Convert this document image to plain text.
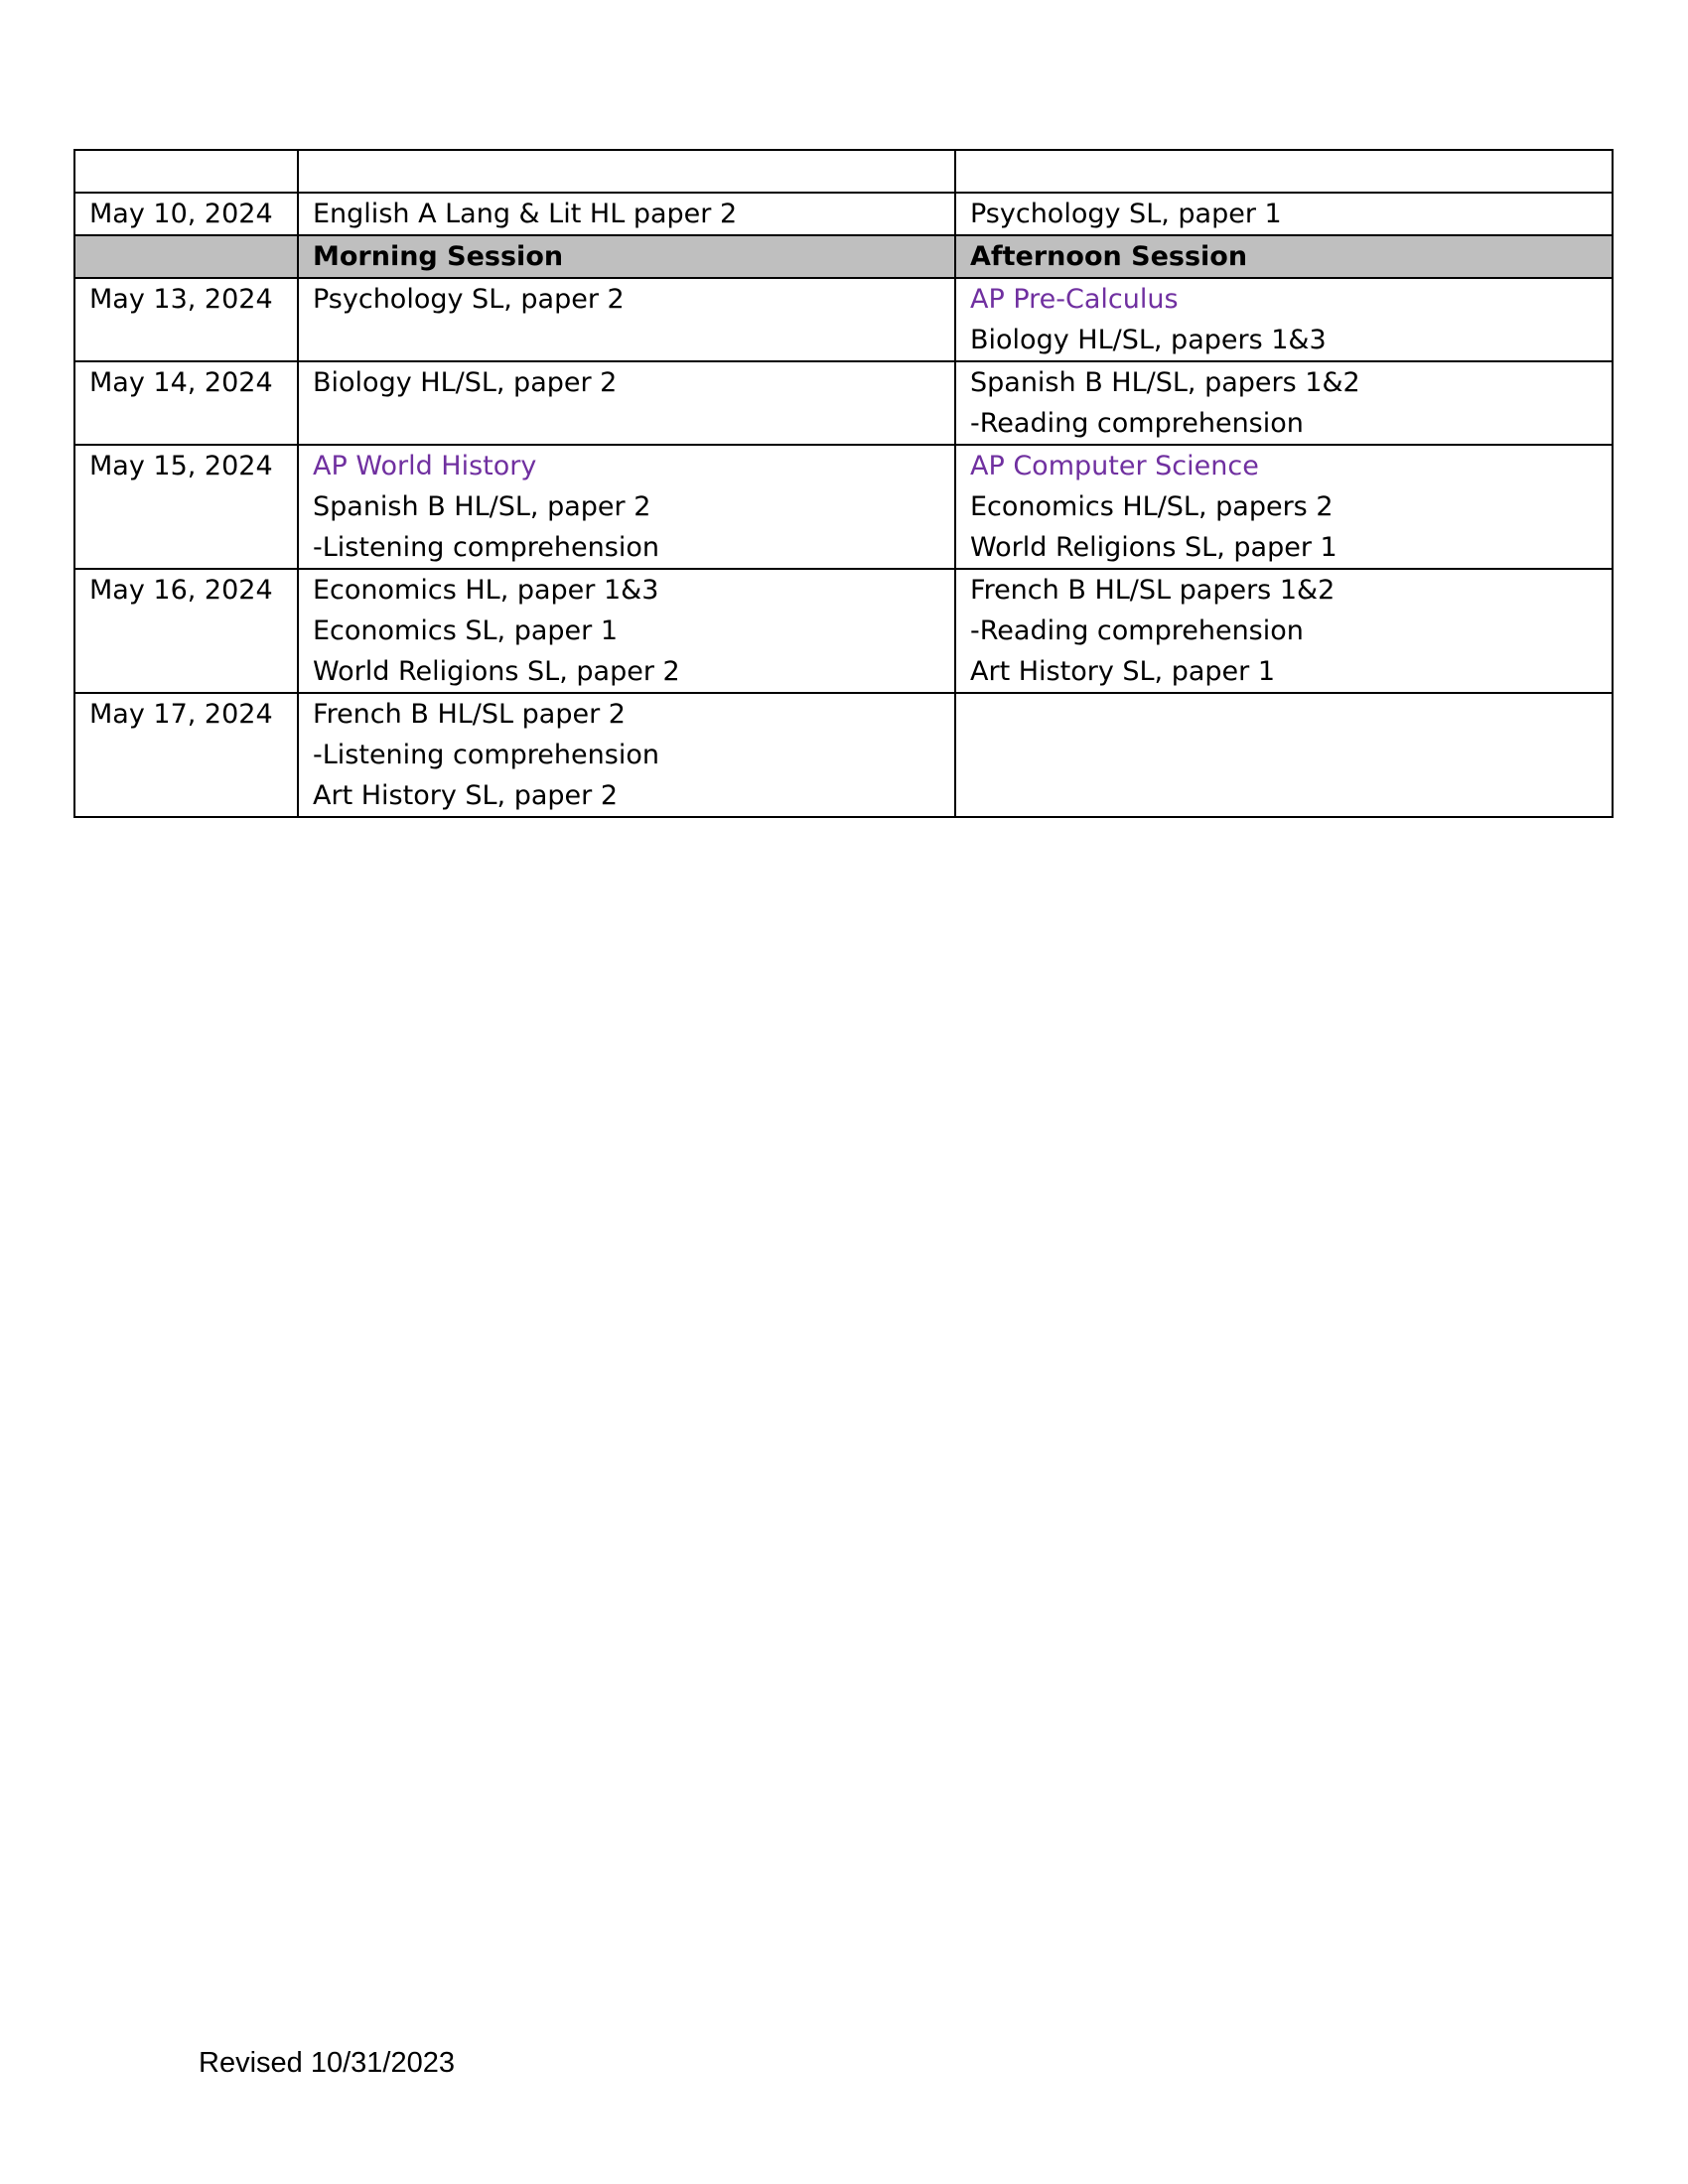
May 10, 2024	English A Lang & Lit HL paper 2	Psychology SL, paper 1

	Morning Session	Afternoon Session

May 13, 2024	Psychology SL, paper 2	AP Pre-Calculus
Biology HL/SL, papers 1&3

May 14, 2024	Biology HL/SL, paper 2	Spanish B HL/SL, papers 1&2
-Reading comprehension

May 15, 2024	AP World History
Spanish B HL/SL, paper 2
-Listening comprehension	AP Computer Science
Economics HL/SL, papers 2
World Religions SL, paper 1

May 16, 2024	Economics HL, paper 1&3
Economics SL, paper 1
World Religions SL, paper 2	French B HL/SL papers 1&2
-Reading comprehension
Art History SL, paper 1

May 17, 2024	French B HL/SL paper 2
-Listening comprehension
Art History SL, paper 2	

Revised 10/31/2023
